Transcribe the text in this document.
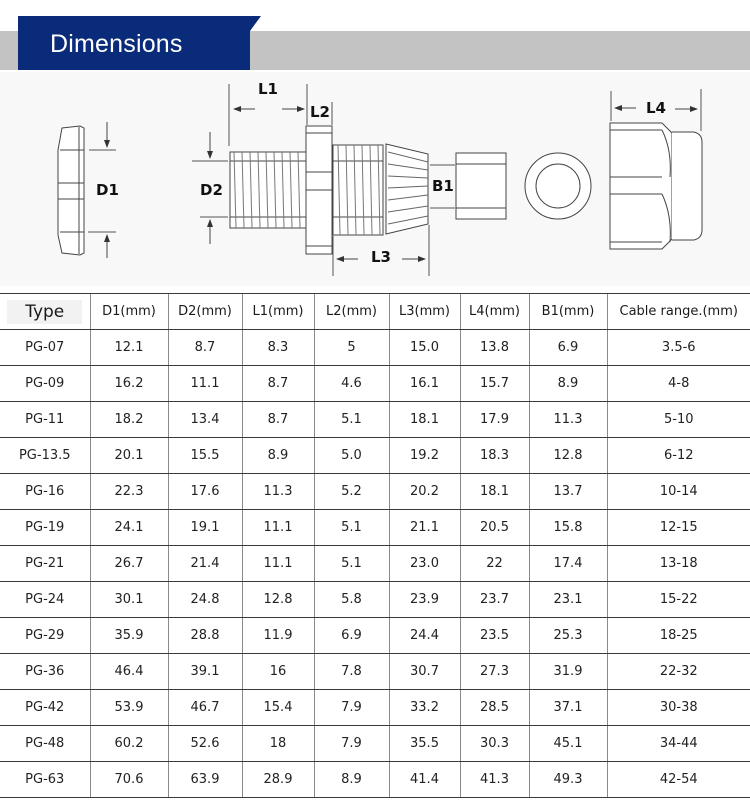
Dimensions
D1	D2
L1
L2
L3
L4
B1
Type	D1(mm)	D2(mm)	L1(mm)	L2(mm)	L3(mm)	L4(mm)	B1(mm)	Cable range.(mm)
PG-07	12.1	8.7	8.3	5	15.0	13.8	6.9	3.5-6
PG-09	16.2	11.1	8.7	4.6	16.1	15.7	8.9	4-8
PG-11	18.2	13.4	8.7	5.1	18.1	17.9	11.3	5-10
PG-13.5	20.1	15.5	8.9	5.0	19.2	18.3	12.8	6-12
PG-16	22.3	17.6	11.3	5.2	20.2	18.1	13.7	10-14
PG-19	24.1	19.1	11.1	5.1	21.1	20.5	15.8	12-15
PG-21	26.7	21.4	11.1	5.1	23.0	22	17.4	13-18
PG-24	30.1	24.8	12.8	5.8	23.9	23.7	23.1	15-22
PG-29	35.9	28.8	11.9	6.9	24.4	23.5	25.3	18-25
PG-36	46.4	39.1	16	7.8	30.7	27.3	31.9	22-32
PG-42	53.9	46.7	15.4	7.9	33.2	28.5	37.1	30-38
PG-48	60.2	52.6	18	7.9	35.5	30.3	45.1	34-44
PG-63	70.6	63.9	28.9	8.9	41.4	41.3	49.3	42-54
